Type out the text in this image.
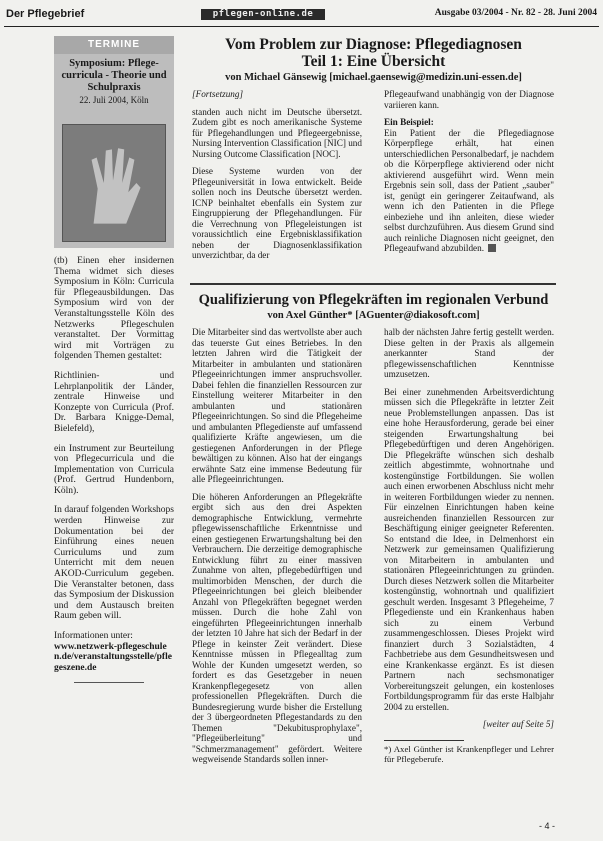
Der Pflegebrief	pflegen-online.de	Ausgabe 03/2004 - Nr. 82 - 28. Juni 2004
TERMINE
Symposium: Pflege-curricula - Theorie und Schulpraxis
22. Juli 2004, Köln

(tb) Einen eher insidernen Thema widmet sich dieses Symposium in Köln: Curricula für Pflegeausbildungen. Das Symposium wird von der Veranstaltungsstelle Köln des Netzwerks Pflegeschulen veranstaltet. Der Vormittag wird mit Vorträgen zu folgenden Themen gestaltet:

Richtlinien- und Lehrplanpolitik der Länder, zentrale Hinweise und Konzepte von Curricula (Prof. Dr. Barbara Knigge-Demal, Bielefeld),

ein Instrument zur Beurteilung von Pflegecurricula und die Implementation von Curricula (Prof. Gertrud Hundenborn, Köln).

In darauf folgenden Workshops werden Hinweise zur Dokumentation bei der Einführung eines neuen Curriculums und zum Unterricht mit dem neuen AKOD-Curriculum gegeben. Die Veranstalter betonen, dass das Symposium der Diskussion und dem Austausch breiten Raum geben will.

Informationen unter:

www.netzwerk-pflegeschulen.de/veranstaltungsstelle/pflegeszene.de

Vom Problem zur Diagnose: Pflegediagnosen
Teil 1: Eine Übersicht
von Michael Gänsewig [michael.gaensewig@medizin.uni-essen.de]

[Fortsetzung]

standen auch nicht im Deutsche übersetzt. Zudem gibt es noch amerikanische Systeme für Pflegehandlungen und Pflegeergebnisse, Nursing Intervention Classification [NIC] und Nursing Outcome Classification [NOC].

Diese Systeme wurden von der Pflegeuniversität in Iowa entwickelt. Beide sollen noch ins Deutsche übersetzt werden. ICNP beinhaltet ebenfalls ein System zur Eingruppierung der Pflegehandlungen. Für die Verrechnung von Pflegeleistungen ist voraussichtlich eine Ergebnisklassifikation neben der Diagnosenklassifikation unverzichtbar, da der

Pflegeaufwand unabhängig von der Diagnose variieren kann.

Ein Beispiel:

Ein Patient der die Pflegediagnose Körperpflege erhält, hat einen unterschiedlichen Personalbedarf, je nachdem ob die Körperpflege aktivierend oder nicht aktivierend ausgeführt wird. Wenn mein Ergebnis sein soll, dass der Patient „sauber" ist, genügt ein geringerer Zeitaufwand, als wenn ich den Patienten in die Pflege einbeziehe und ihn anleiten, diese wieder selbst durchzuführen. Aus diesem Grund sind auch reinliche Diagnosen nicht geeignet, den Pflegeaufwand abzubilden.

Qualifizierung von Pflegekräften im regionalen Verbund
von Axel Günther* [AGuenter@diakosoft.com]

Die Mitarbeiter sind das wertvollste aber auch das teuerste Gut eines Betriebes. In den letzten Jahren wird die Tätigkeit der Mitarbeiter in ambulanten und stationären Pflegeeinrichtungen immer anspruchsvoller. Dabei fehlen die finanziellen Ressourcen zur Einstellung weiterer Mitarbeiter in den ambulanten und stationären Pflegeeinrichtungen. So sind die Pflegeheime und ambulanten Pflegedienste auf umfassend qualifizierte Kräfte angewiesen, um die gestiegenen Anforderungen in der Pflege bewältigen zu können. Also hat der eingangs erwähnte Satz eine immense Bedeutung für alle Pflegeeinrichtungen.

Die höheren Anforderungen an Pflegekräfte ergibt sich aus den drei Aspekten demographische Entwicklung, vermehrte pflegewissenschaftliche Erkenntnisse und einen gestiegenen Erwartungshaltung bei den Verbrauchern. Die derzeitige demographische Entwicklung führt zu einer massiven Zunahme von alten, pflegebedürftigen und multimorbiden Menschen, der durch die Pflegeeinrichtungen bei gleich bleibender Anzahl von Pflegekräften begegnet werden müssen. Durch die hohe Zahl von eingeführten Pflegeeinrichtungen innerhalb der letzten 10 Jahre hat sich der Bedarf in der Pflege in keinster Zeit verändert. Diese Kenntnisse müssen in Pflegealltag zum Wohle der Kunden umgesetzt werden, so fordert es das Gesetzgeber in neuen Krankenpflegegesetz von allen professionellen Pflegekräften. Durch die Bundesregierung wurde bisher die Erstellung der 3 übergeordneten Pflegestandards zu den Themen "Dekubitusprophylaxe", "Pflegeüberleitung" und "Schmerzmanagement" gefördert. Weitere wegweisende Standards sollen inner-

halb der nächsten Jahre fertig gestellt werden. Diese gelten in der Praxis als allgemein anerkannter Stand der pflegewissenschaftlichen Kenntnisse umzusetzen.

Bei einer zunehmenden Arbeitsverdichtung müssen sich die Pflegekräfte in letzter Zeit neue Problemstellungen anpassen. Das ist eine hohe Herausforderung, gerade bei einer steigenden Erwartungshaltung bei Pflegebedürftigen und deren Angehörigen. Die Pflegekräfte wünschen sich deshalb zeitlich abgestimmte, wohnortnahe und kostengünstige Fortbildungen. Sie wollen auch einen erworbenen Abschluss nicht mehr in weiteren Fortbildungen wieder zu nennen. Für einzelnen Einrichtungen haben keine ausreichenden finanziellen Ressourcen zur Beschäftigung einiger geeigneter Referenten. So entstand die Idee, in Delmenhorst ein Netzwerk zur gemeinsamen Qualifizierung von Mitarbeitern in ambulanten und stationären Pflegeeinrichtungen zu gründen. Durch dieses Netzwerk sollen die Mitarbeiter kostengünstig, wohnortnah und qualifiziert geschult werden. Insgesamt 3 Pflegeheime, 7 Pflegedienste und ein Krankenhaus haben sich zu einem Verbund zusammengeschlossen. Dieses Projekt wird finanziert durch 3 Sozialstädten, 4 Fachbetriebe aus dem Gesundheitswesen und eine Krankenkasse ergänzt. Es ist diesen Partnern nach sechsmonatiger Vorbereitungszeit gelungen, ein kostenloses Fortbildungsprogramm für das erste Halbjahr 2004 zu erstellen.

[weiter auf Seite 5]

*) Axel Günther ist Krankenpfleger und Lehrer für Pflegeberufe.
- 4 -
